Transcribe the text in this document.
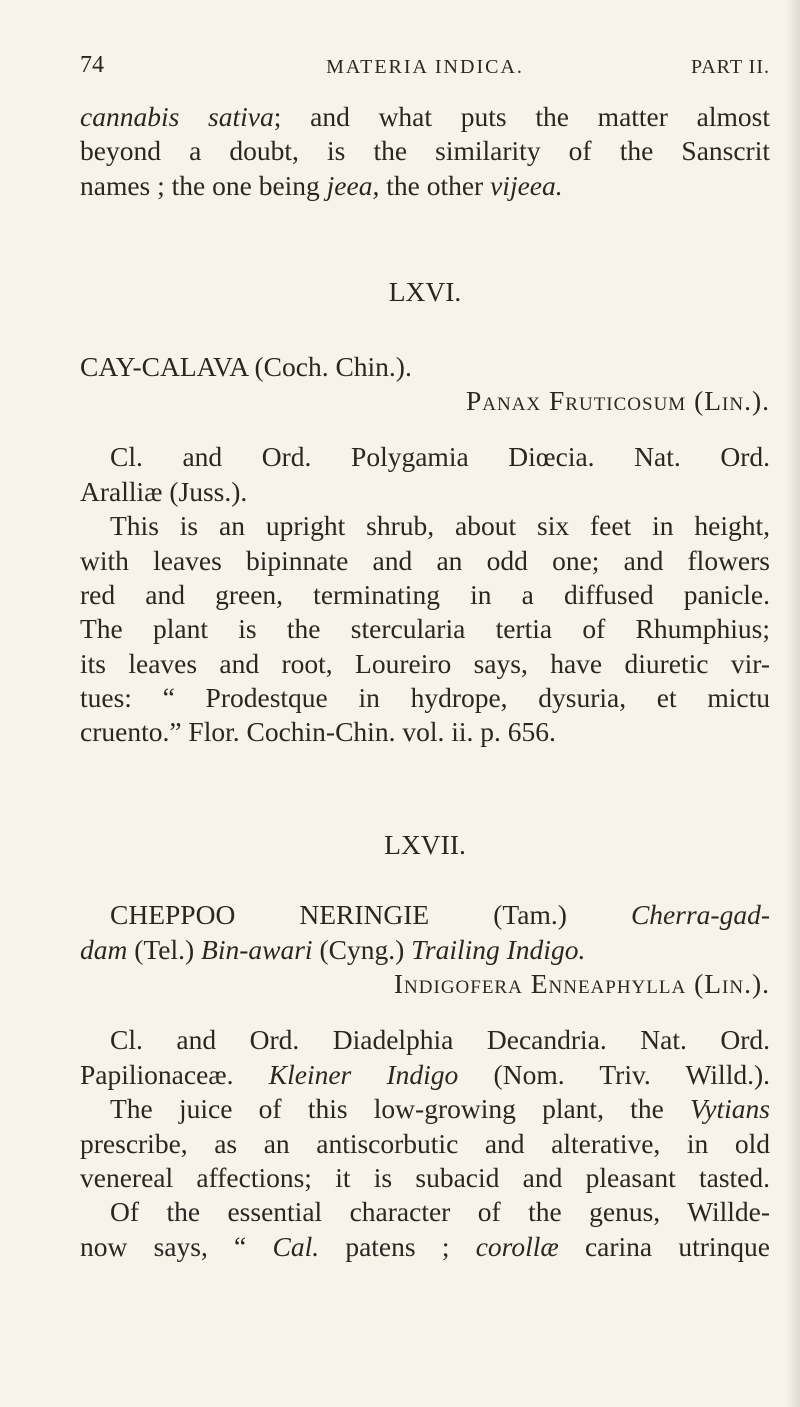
74	MATERIA INDICA.	PART II.
cannabis sativa; and what puts the matter almost
beyond a doubt, is the similarity of the Sanscrit
names ; the one being jeea, the other vijeea.
LXVI.
CAY-CALAVA (Coch. Chin.).
Panax Fruticosum (Lin.).
Cl. and Ord. Polygamia Diœcia. Nat. Ord.
Aralliæ (Juss.).
This is an upright shrub, about six feet in height,
with leaves bipinnate and an odd one; and flowers
red and green, terminating in a diffused panicle.
The plant is the stercularia tertia of Rhumphius;
its leaves and root, Loureiro says, have diuretic vir-
tues: “ Prodestque in hydrope, dysuria, et mictu
cruento.” Flor. Cochin-Chin. vol. ii. p. 656.
LXVII.
CHEPPOO NERINGIE (Tam.) Cherra-gad-
dam (Tel.) Bin-awari (Cyng.) Trailing Indigo.
Indigofera Enneaphylla (Lin.).
Cl. and Ord. Diadelphia Decandria. Nat. Ord.
Papilionaceæ. Kleiner Indigo (Nom. Triv. Willd.).
The juice of this low-growing plant, the Vytians
prescribe, as an antiscorbutic and alterative, in old
venereal affections; it is subacid and pleasant tasted.
Of the essential character of the genus, Willde-
now says, “ Cal. patens ; corollæ carina utrinque
